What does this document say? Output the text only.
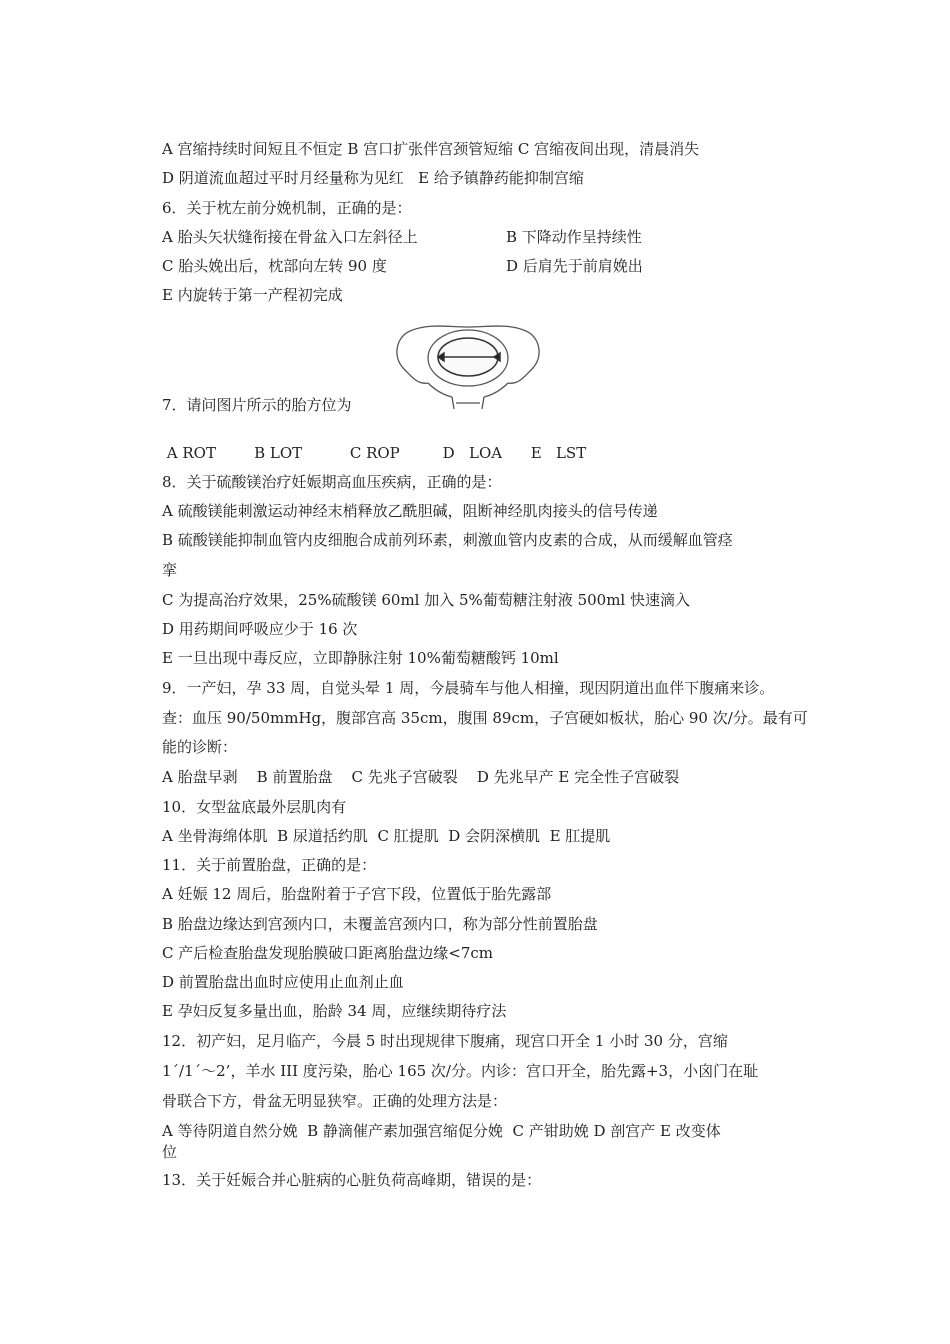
A 宫缩持续时间短且不恒定 B 宫口扩张伴宫颈管短缩 C 宫缩夜间出现，清晨消失
D 阴道流血超过平时月经量称为见红   E 给予镇静药能抑制宫缩
6．关于枕左前分娩机制，正确的是：
A 胎头矢状缝衔接在骨盆入口左斜径上	B 下降动作呈持续性
C 胎头娩出后，枕部向左转 90 度	D 后肩先于前肩娩出
E 内旋转于第一产程初完成
7．请问图片所示的胎方位为
A ROT        B LOT          C ROP         D   LOA      E   LST
8．关于硫酸镁治疗妊娠期高血压疾病，正确的是：
A 硫酸镁能刺激运动神经末梢释放乙酰胆碱，阻断神经肌肉接头的信号传递
B 硫酸镁能抑制血管内皮细胞合成前列环素，刺激血管内皮素的合成，从而缓解血管痉
挛
C 为提高治疗效果，25%硫酸镁 60ml 加入 5%葡萄糖注射液 500ml 快速滴入
D 用药期间呼吸应少于 16 次
E 一旦出现中毒反应，立即静脉注射 10%葡萄糖酸钙 10ml
9．一产妇，孕 33 周，自觉头晕 1 周，今晨骑车与他人相撞，现因阴道出血伴下腹痛来诊。
查：血压 90/50mmHg，腹部宫高 35cm，腹围 89cm，子宫硬如板状，胎心 90 次/分。最有可
能的诊断：
A 胎盘早剥    B 前置胎盘    C 先兆子宫破裂    D 先兆早产 E 完全性子宫破裂
10．女型盆底最外层肌肉有
A 坐骨海绵体肌  B 尿道括约肌  C 肛提肌  D 会阴深横肌  E 肛提肌
11．关于前置胎盘，正确的是：
A 妊娠 12 周后，胎盘附着于子宫下段，位置低于胎先露部
B 胎盘边缘达到宫颈内口，未覆盖宫颈内口，称为部分性前置胎盘
C 产后检查胎盘发现胎膜破口距离胎盘边缘<7cm
D 前置胎盘出血时应使用止血剂止血
E 孕妇反复多量出血，胎龄 34 周，应继续期待疗法
12．初产妇，足月临产，今晨 5 时出现规律下腹痛，现宫口开全 1 小时 30 分，宫缩
1ˊ/1ˊ～2’，羊水 III 度污染，胎心 165 次/分。内诊：宫口开全，胎先露+3，小囟门在耻
骨联合下方，骨盆无明显狭窄。正确的处理方法是：
A 等待阴道自然分娩  B 静滴催产素加强宫缩促分娩  C 产钳助娩 D 剖宫产 E 改变体
位
13．关于妊娠合并心脏病的心脏负荷高峰期，错误的是：
